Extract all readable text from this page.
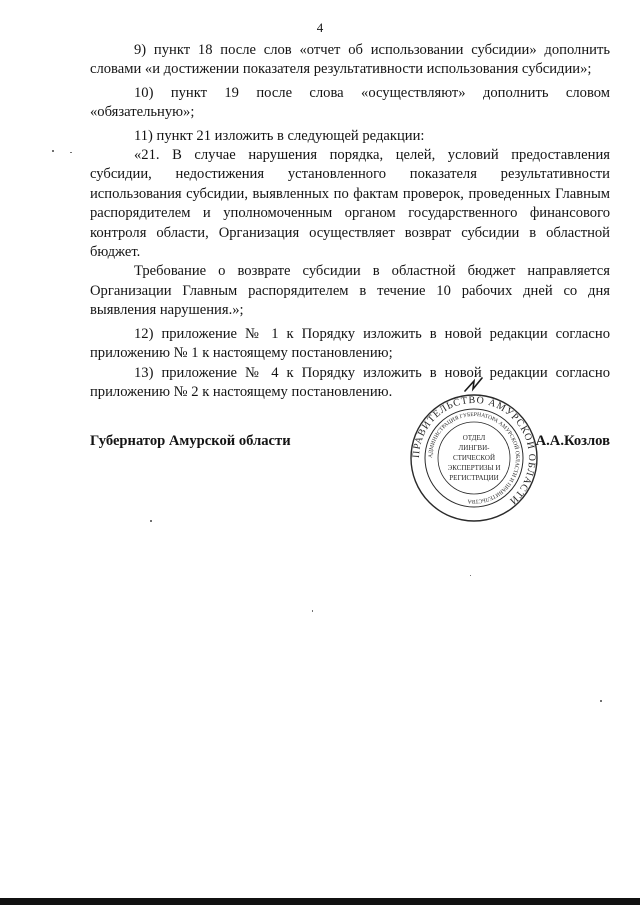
4

9) пункт 18 после слов «отчет об использовании субсидии» дополнить словами «и достижении показателя результативности использования субсидии»;

10) пункт 19 после слова «осуществляют» дополнить словом «обязательную»;

11) пункт 21 изложить в следующей редакции:

«21. В случае нарушения порядка, целей, условий предоставления субсидии, недостижения установленного показателя результативности использования субсидии, выявленных по фактам проверок, проведенных Главным распорядителем и уполномоченным органом государственного финансового контроля области, Организация осуществляет возврат субсидии в областной бюджет.

Требование о возврате субсидии в областной бюджет направляется Организации Главным распорядителем в течение 10 рабочих дней со дня выявления нарушения.»;

12) приложение № 1 к Порядку изложить в новой редакции согласно приложению № 1 к настоящему постановлению;

13) приложение № 4 к Порядку изложить в новой редакции согласно приложению № 2 к настоящему постановлению.

ПРАВИТЕЛЬСТВО АМУРСКОЙ ОБЛАСТИ
АДМИНИСТРАЦИЯ ГУБЕРНАТОРА АМУРСКОЙ ОБЛАСТИ И ПРАВИТЕЛЬСТВА
ОТДЕЛ
ЛИНГВИ-
СТИЧЕСКОЙ
ЭКСПЕРТИЗЫ И
РЕГИСТРАЦИИ
Губернатор Амурской области	А.А.Козлов
